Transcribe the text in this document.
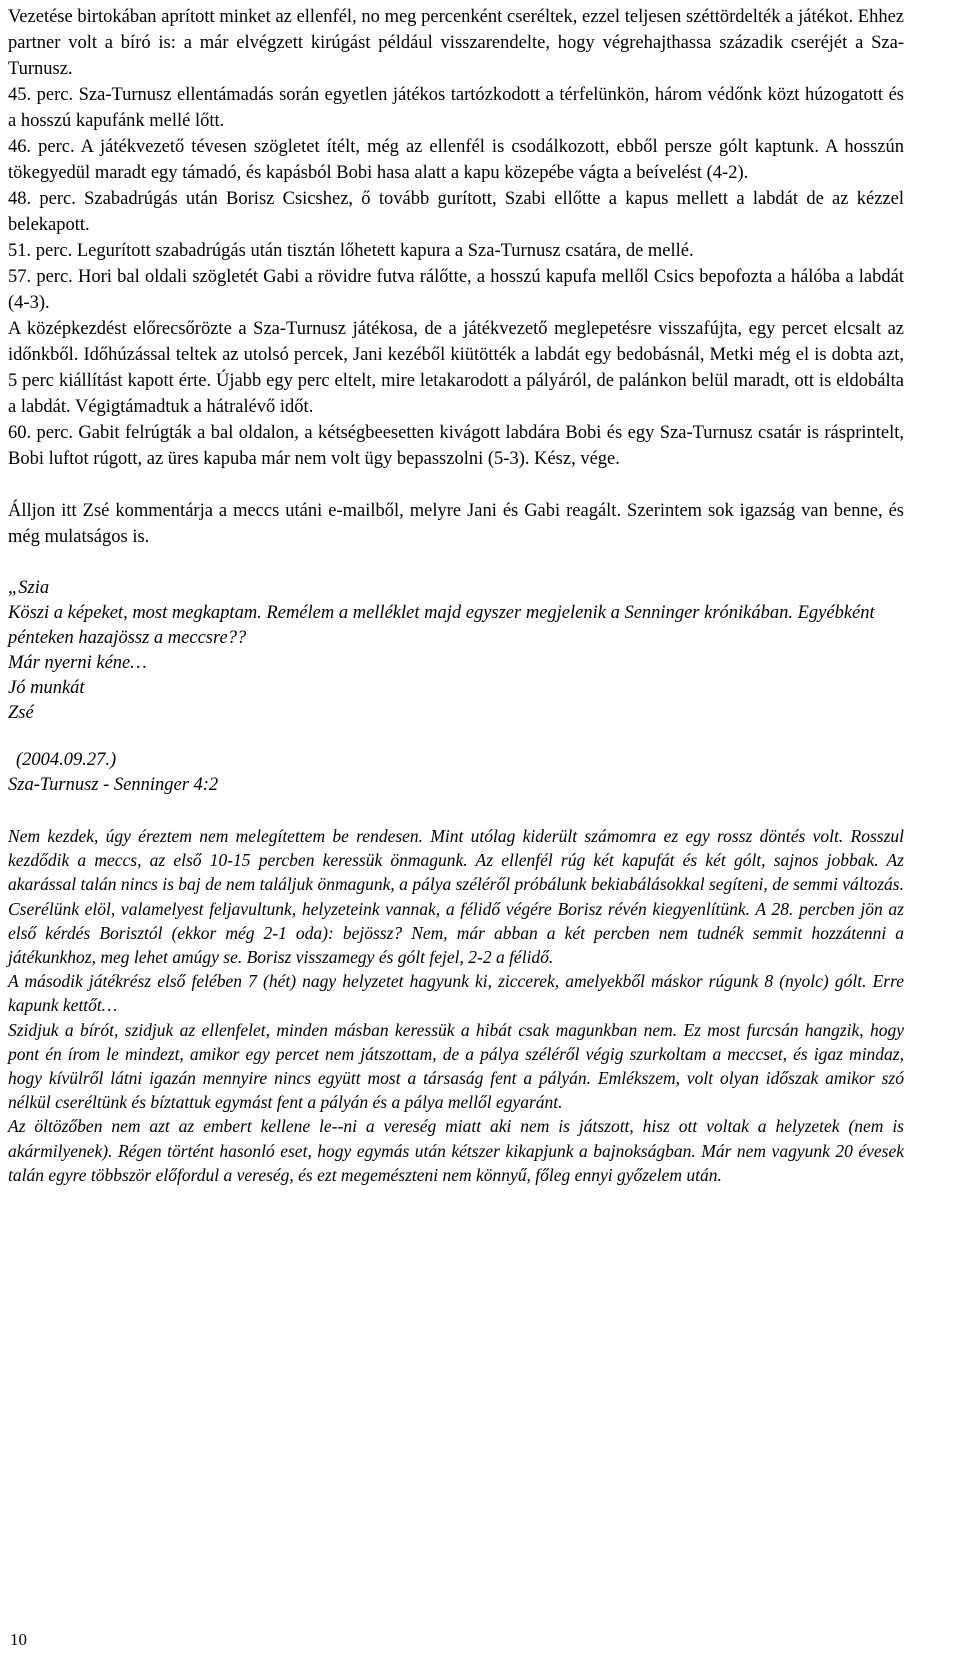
Vezetése birtokában aprított minket az ellenfél, no meg percenként cseréltek, ezzel teljesen széttördelték a játékot. Ehhez partner volt a bíró is: a már elvégzett kirúgást például visszarendelte, hogy végrehajthassa századik cseréjét a Sza-Turnusz.

45. perc. Sza-Turnusz ellentámadás során egyetlen játékos tartózkodott a térfelünkön, három védőnk közt húzogatott és a hosszú kapufánk mellé lőtt.

46. perc. A játékvezető tévesen szögletet ítélt, még az ellenfél is csodálkozott, ebből persze gólt kaptunk. A hosszún tökegyedül maradt egy támadó, és kapásból Bobi hasa alatt a kapu közepébe vágta a beívelést (4-2).

48. perc. Szabadrúgás után Borisz Csicshez, ő tovább gurított, Szabi ellőtte a kapus mellett a labdát de az kézzel belekapott.

51. perc. Legurított szabadrúgás után tisztán lőhetett kapura a Sza-Turnusz csatára, de mellé.

57. perc. Hori bal oldali szögletét Gabi a rövidre futva rálőtte, a hosszú kapufa mellől Csics bepofozta a hálóba a labdát (4-3).

A középkezdést előrecsőrözte a Sza-Turnusz játékosa, de a játékvezető meglepetésre visszafújta, egy percet elcsalt az időnkből. Időhúzással teltek az utolsó percek, Jani kezéből kiütötték a labdát egy bedobásnál, Metki még el is dobta azt, 5 perc kiállítást kapott érte. Újabb egy perc eltelt, mire letakarodott a pályáról, de palánkon belül maradt, ott is eldobálta a labdát. Végigtámadtuk a hátralévő időt.

60. perc. Gabit felrúgták a bal oldalon, a kétségbeesetten kivágott labdára Bobi és egy Sza-Turnusz csatár is rásprintelt, Bobi luftot rúgott, az üres kapuba már nem volt ügy bepasszolni (5-3). Kész, vége.

Álljon itt Zsé kommentárja a meccs utáni e-mailből, melyre Jani és Gabi reagált. Szerintem sok igazság van benne, és még mulatságos is.

„Szia

Köszi a képeket, most megkaptam. Remélem a melléklet majd egyszer megjelenik a Senninger krónikában. Egyébként pénteken hazajössz a meccsre??

Már nyerni kéne…

Jó munkát

Zsé

(2004.09.27.)

Sza-Turnusz - Senninger 4:2

Nem kezdek, úgy éreztem nem melegítettem be rendesen. Mint utólag kiderült számomra ez egy rossz döntés volt. Rosszul kezdődik a meccs, az első 10-15 percben keressük önmagunk. Az ellenfél rúg két kapufát és két gólt, sajnos jobbak. Az akarással talán nincs is baj de nem találjuk önmagunk, a pálya széléről próbálunk bekiabálásokkal segíteni, de semmi változás. Cserélünk elöl, valamelyest feljavultunk, helyzeteink vannak, a félidő végére Borisz révén kiegyenlítünk. A 28. percben jön az első kérdés Borisztól (ekkor még 2-1 oda): bejössz? Nem, már abban a két percben nem tudnék semmit hozzátenni a játékunkhoz, meg lehet amúgy se. Borisz visszamegy és gólt fejel, 2-2 a félidő.

A második játékrész első felében 7 (hét) nagy helyzetet hagyunk ki, ziccerek, amelyekből máskor rúgunk 8 (nyolc) gólt. Erre kapunk kettőt…

Szidjuk a bírót, szidjuk az ellenfelet, minden másban keressük a hibát csak magunkban nem. Ez most furcsán hangzik, hogy pont én írom le mindezt, amikor egy percet nem játszottam, de a pálya széléről végig szurkoltam a meccset, és igaz mindaz, hogy kívülről látni igazán mennyire nincs együtt most a társaság fent a pályán. Emlékszem, volt olyan időszak amikor szó nélkül cseréltünk és bíztattuk egymást fent a pályán és a pálya mellől egyaránt.

Az öltözőben nem azt az embert kellene le--ni a vereség miatt aki nem is játszott, hisz ott voltak a helyzetek (nem is akármilyenek). Régen történt hasonló eset, hogy egymás után kétszer kikapjunk a bajnokságban. Már nem vagyunk 20 évesek talán egyre többször előfordul a vereség, és ezt megemészteni nem könnyű, főleg ennyi győzelem után.

10
